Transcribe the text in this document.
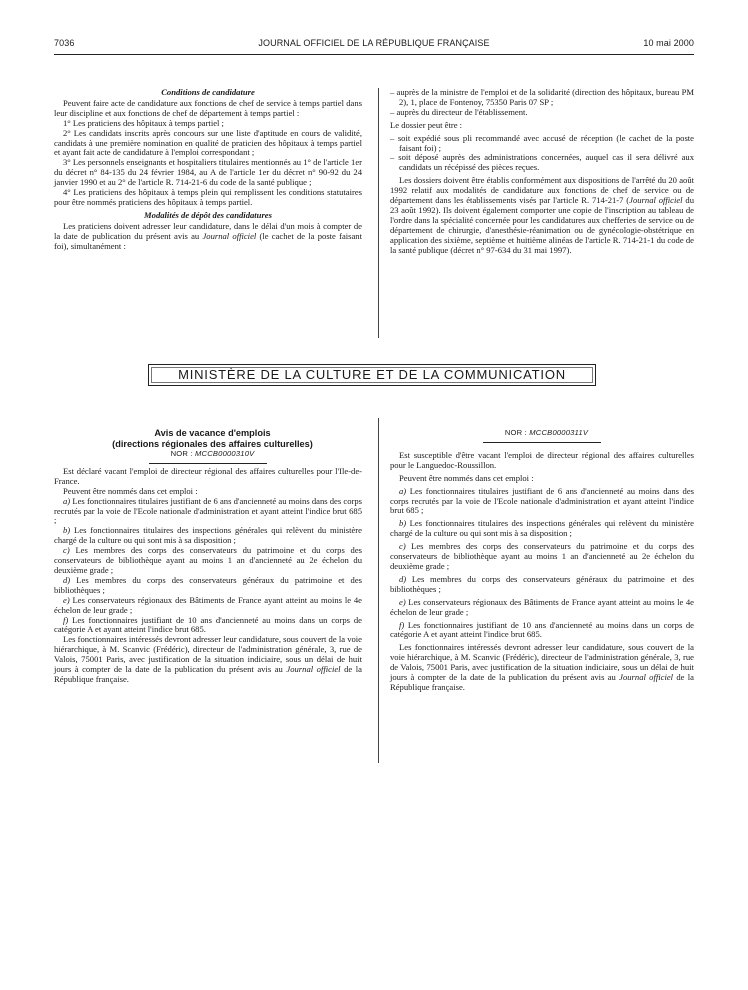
7036	JOURNAL OFFICIEL DE LA RÉPUBLIQUE FRANÇAISE	10 mai 2000

Conditions de candidature

Peuvent faire acte de candidature aux fonctions de chef de service à temps partiel dans leur discipline et aux fonctions de chef de département à temps partiel :

1° Les praticiens des hôpitaux à temps partiel ;

2° Les candidats inscrits après concours sur une liste d'aptitude en cours de validité, candidats à une première nomination en qualité de praticien des hôpitaux à temps partiel et ayant fait acte de candidature à l'emploi correspondant ;

3° Les personnels enseignants et hospitaliers titulaires mentionnés au 1° de l'article 1er du décret n° 84-135 du 24 février 1984, au A de l'article 1er du décret n° 90-92 du 24 janvier 1990 et au 2° de l'article R. 714-21-6 du code de la santé publique ;

4° Les praticiens des hôpitaux à temps plein qui remplissent les conditions statutaires pour être nommés praticiens des hôpitaux à temps partiel.

Modalités de dépôt des candidatures

Les praticiens doivent adresser leur candidature, dans le délai d'un mois à compter de la date de publication du présent avis au Journal officiel (le cachet de la poste faisant foi), simultanément :

– auprès de la ministre de l'emploi et de la solidarité (direction des hôpitaux, bureau PM 2), 1, place de Fontenoy, 75350 Paris 07 SP ;

– auprès du directeur de l'établissement.

Le dossier peut être :

– soit expédié sous pli recommandé avec accusé de réception (le cachet de la poste faisant foi) ;

– soit déposé auprès des administrations concernées, auquel cas il sera délivré aux candidats un récépissé des pièces reçues.

Les dossiers doivent être établis conformément aux dispositions de l'arrêté du 20 août 1992 relatif aux modalités de candidature aux fonctions de chef de service ou de département dans les établissements visés par l'article R. 714-21-7 (Journal officiel du 23 août 1992). Ils doivent également comporter une copie de l'inscription au tableau de l'ordre dans la spécialité concernée pour les candidatures aux chefferies de service ou de département de chirurgie, d'anesthésie-réanimation ou de gynécologie-obstétrique en application des sixième, septième et huitième alinéas de l'article R. 714-21-1 du code de la santé publique (décret n° 97-634 du 31 mai 1997).

MINISTÈRE DE LA CULTURE ET DE LA COMMUNICATION

Avis de vacance d'emplois

(directions régionales des affaires culturelles)

NOR : MCCB0000310V

Est déclaré vacant l'emploi de directeur régional des affaires culturelles pour l'Ile-de-France.

Peuvent être nommés dans cet emploi :

a) Les fonctionnaires titulaires justifiant de 6 ans d'ancienneté au moins dans des corps recrutés par la voie de l'Ecole nationale d'administration et ayant atteint l'indice brut 685 ;

b) Les fonctionnaires titulaires des inspections générales qui relèvent du ministère chargé de la culture ou qui sont mis à sa disposition ;

c) Les membres des corps des conservateurs du patrimoine et du corps des conservateurs de bibliothèque ayant au moins 1 an d'ancienneté au 2e échelon du deuxième grade ;

d) Les membres du corps des conservateurs généraux du patrimoine et des bibliothèques ;

e) Les conservateurs régionaux des Bâtiments de France ayant atteint au moins le 4e échelon de leur grade ;

f) Les fonctionnaires justifiant de 10 ans d'ancienneté au moins dans un corps de catégorie A et ayant atteint l'indice brut 685.

Les fonctionnaires intéressés devront adresser leur candidature, sous couvert de la voie hiérarchique, à M. Scanvic (Frédéric), directeur de l'administration générale, 3, rue de Valois, 75001 Paris, avec justification de la situation indiciaire, sous un délai de huit jours à compter de la date de la publication du présent avis au Journal officiel de la République française.

NOR : MCCB0000311V

Est susceptible d'être vacant l'emploi de directeur régional des affaires culturelles pour le Languedoc-Roussillon.

Peuvent être nommés dans cet emploi :

a) Les fonctionnaires titulaires justifiant de 6 ans d'ancienneté au moins dans des corps recrutés par la voie de l'Ecole nationale d'administration et ayant atteint l'indice brut 685 ;

b) Les fonctionnaires titulaires des inspections générales qui relèvent du ministère chargé de la culture ou qui sont mis à sa disposition ;

c) Les membres des corps des conservateurs du patrimoine et du corps des conservateurs de bibliothèque ayant au moins 1 an d'ancienneté au 2e échelon du deuxième grade ;

d) Les membres du corps des conservateurs généraux du patrimoine et des bibliothèques ;

e) Les conservateurs régionaux des Bâtiments de France ayant atteint au moins le 4e échelon de leur grade ;

f) Les fonctionnaires justifiant de 10 ans d'ancienneté au moins dans un corps de catégorie A et ayant atteint l'indice brut 685.

Les fonctionnaires intéressés devront adresser leur candidature, sous couvert de la voie hiérarchique, à M. Scanvic (Frédéric), directeur de l'administration générale, 3, rue de Valois, 75001 Paris, avec justification de la situation indiciaire, sous un délai de huit jours à compter de la date de la publication du présent avis au Journal officiel de la République française.
